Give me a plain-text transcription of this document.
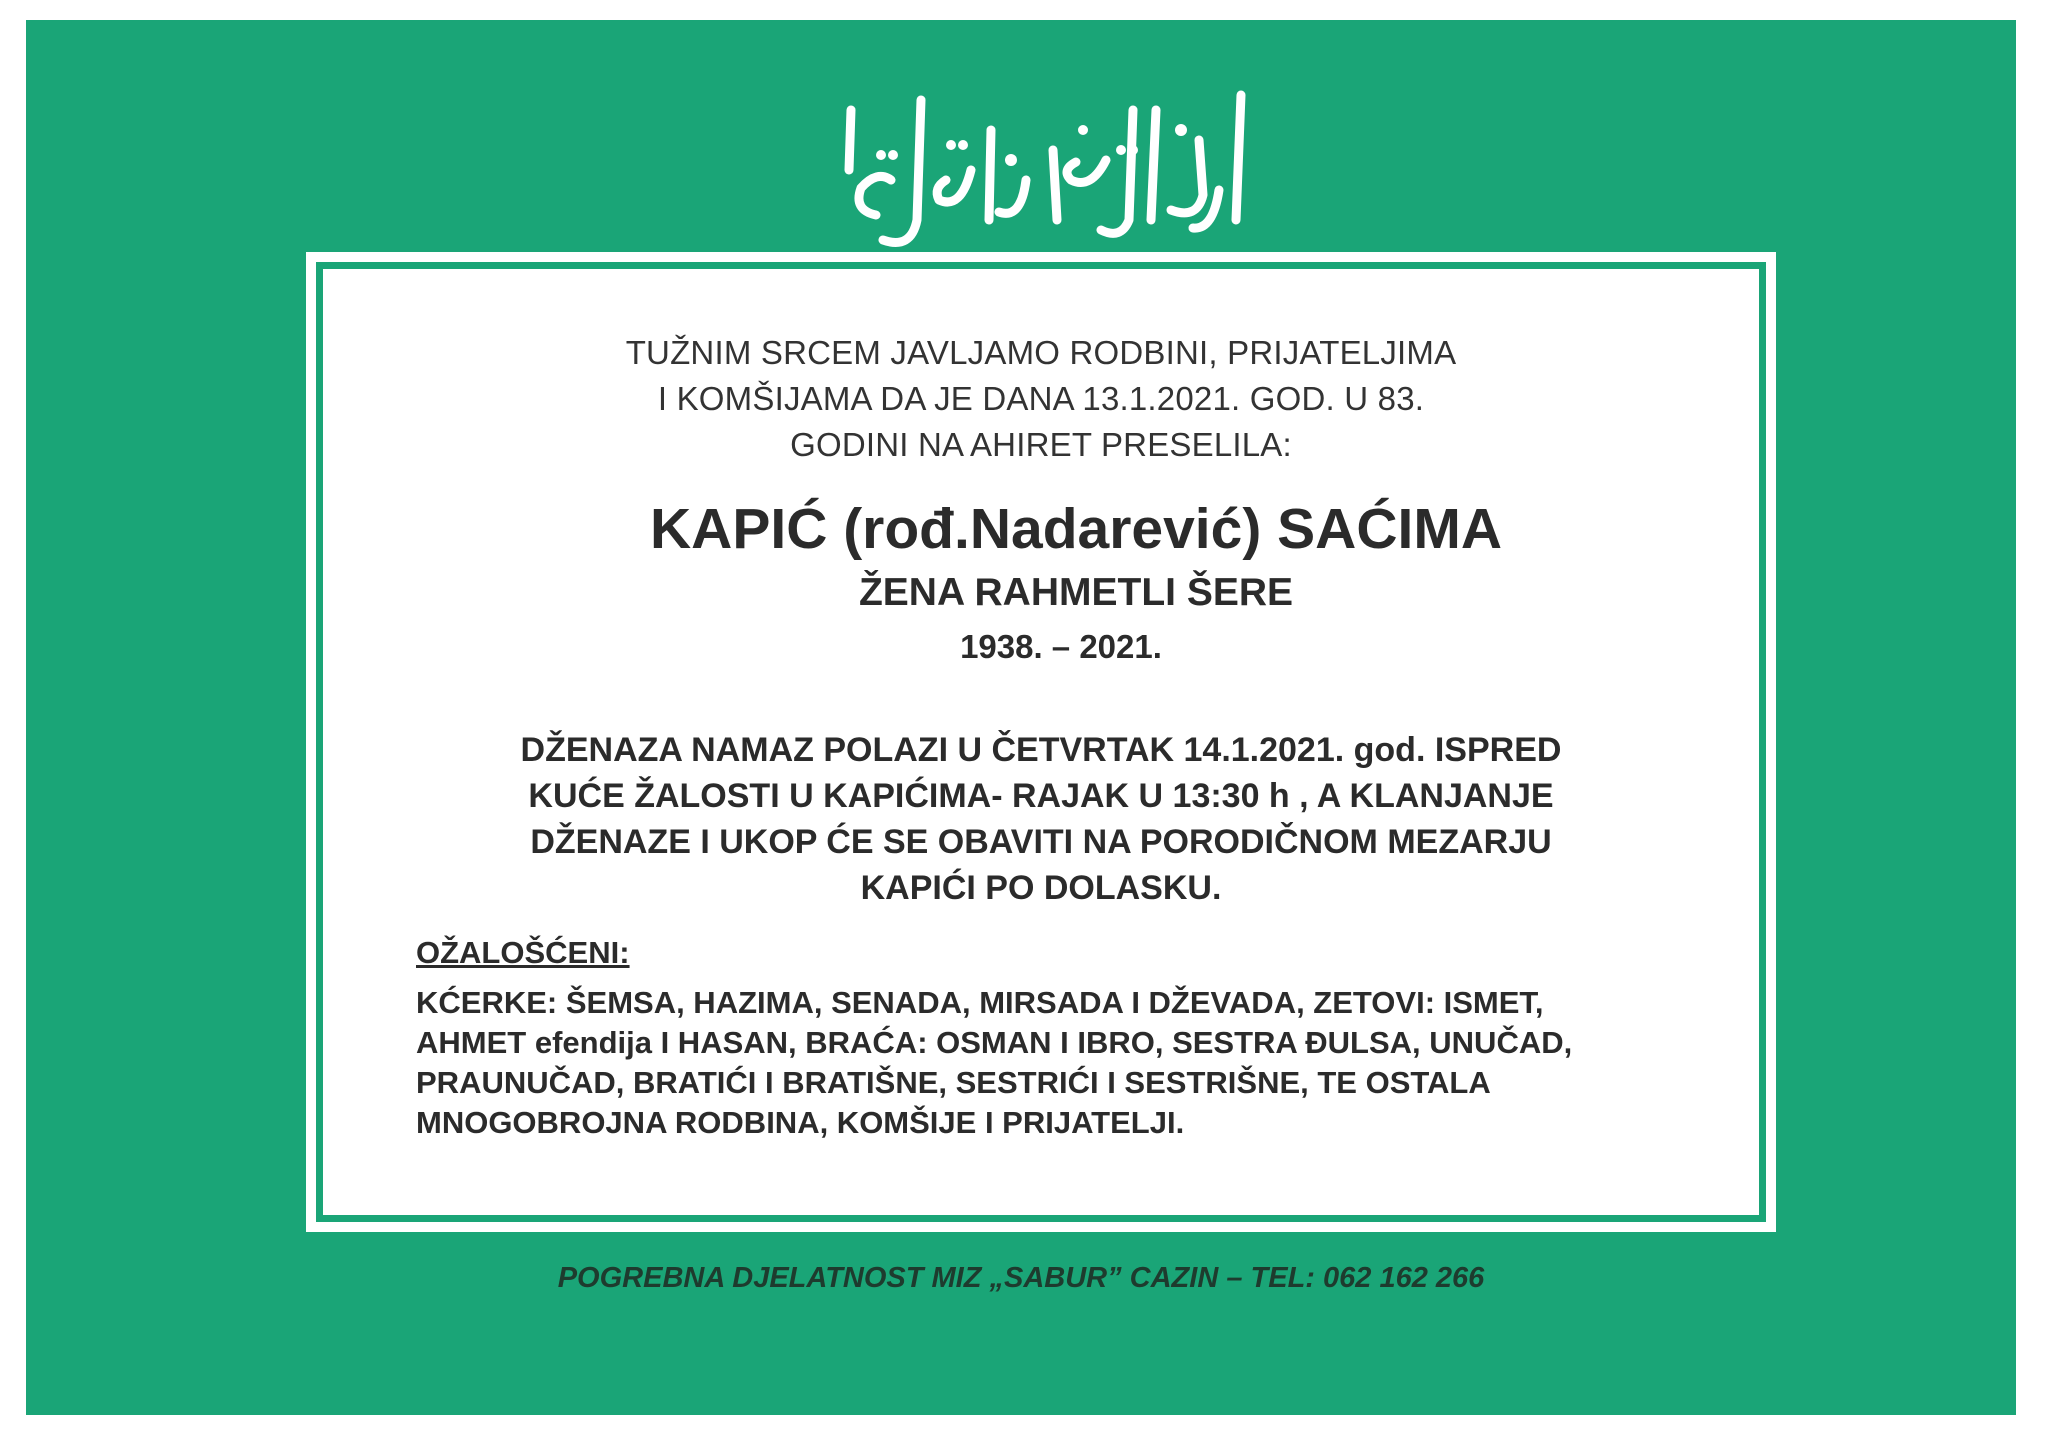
TUŽNIM SRCEM JAVLJAMO RODBINI, PRIJATELJIMA
I KOMŠIJAMA DA JE DANA 13.1.2021. GOD. U 83.
GODINI NA AHIRET PRESELILA:
KAPIĆ (rođ.Nadarević) SAĆIMA
ŽENA RAHMETLI ŠERE
1938. – 2021.
DŽENAZA NAMAZ POLAZI U ČETVRTAK 14.1.2021. god. ISPRED
KUĆE ŽALOSTI U KAPIĆIMA- RAJAK U 13:30 h , A KLANJANJE
DŽENAZE I UKOP ĆE SE OBAVITI NA PORODIČNOM MEZARJU
KAPIĆI PO DOLASKU.
OŽALOŠĆENI:
KĆERKE: ŠEMSA, HAZIMA, SENADA, MIRSADA I DŽEVADA, ZETOVI: ISMET,
AHMET efendija I HASAN, BRAĆA: OSMAN I IBRO, SESTRA ĐULSA, UNUČAD,
PRAUNUČAD, BRATIĆI I BRATIŠNE, SESTRIĆI I SESTRIŠNE, TE OSTALA
MNOGOBROJNA RODBINA, KOMŠIJE I PRIJATELJI.
POGREBNA DJELATNOST MIZ „SABUR” CAZIN – TEL: 062 162 266
